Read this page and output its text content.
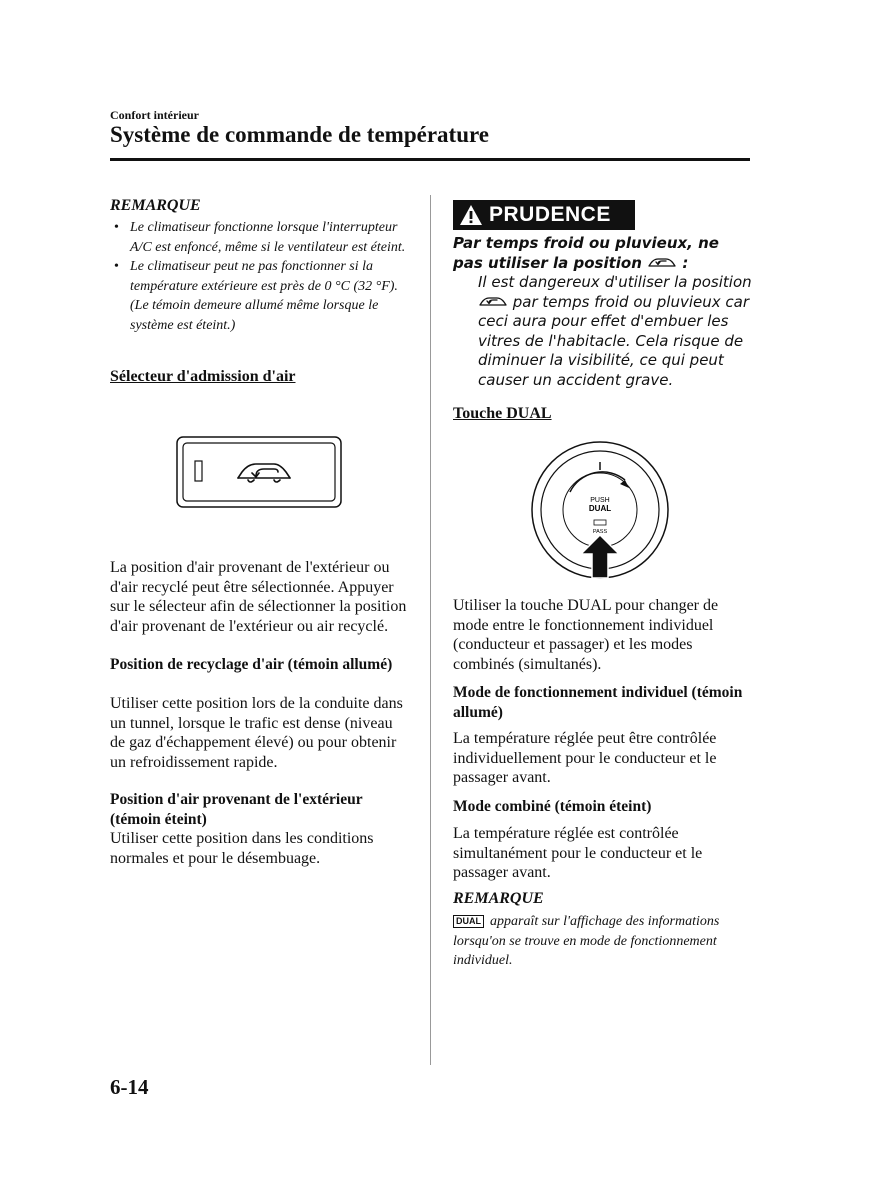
Confort intérieur
Système de commande de température
REMARQUE
• Le climatiseur fonctionne lorsque l'interrupteur A/C est enfoncé, même si le ventilateur est éteint.
• Le climatiseur peut ne pas fonctionner si la température extérieure est près de 0 °C (32 °F). (Le témoin demeure allumé même lorsque le système est éteint.)
Sélecteur d'admission d'air
La position d'air provenant de l'extérieur ou d'air recyclé peut être sélectionnée. Appuyer sur le sélecteur afin de sélectionner la position d'air provenant de l'extérieur ou air recyclé.
Position de recyclage d'air (témoin allumé)
Utiliser cette position lors de la conduite dans un tunnel, lorsque le trafic est dense (niveau de gaz d'échappement élevé) ou pour obtenir un refroidissement rapide.
Position d'air provenant de l'extérieur (témoin éteint)
Utiliser cette position dans les conditions normales et pour le désembuage.
PRUDENCE
Par temps froid ou pluvieux, ne pas utiliser la position	:
Il est dangereux d'utiliser la position
par temps froid ou pluvieux car ceci aura pour effet d'embuer les vitres de l'habitacle. Cela risque de diminuer la visibilité, ce qui peut causer un accident grave.
Touche DUAL
PUSH
DUAL
PASS
Utiliser la touche DUAL pour changer de mode entre le fonctionnement individuel (conducteur et passager) et les modes combinés (simultanés).
Mode de fonctionnement individuel (témoin allumé)
La température réglée peut être contrôlée individuellement pour le conducteur et le passager avant.
Mode combiné (témoin éteint)
La température réglée est contrôlée simultanément pour le conducteur et le passager avant.
REMARQUE
DUAL apparaît sur l'affichage des informations lorsqu'on se trouve en mode de fonctionnement individuel.
6-14
